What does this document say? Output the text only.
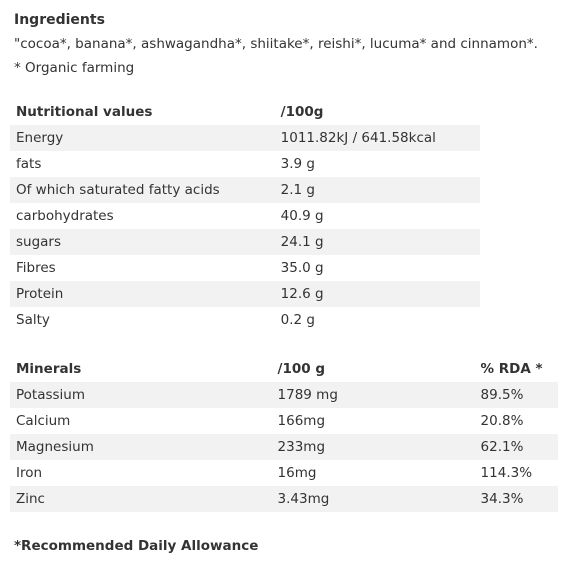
Ingredients
"cocoa*, banana*, ashwagandha*, shiitake*, reishi*, lucuma* and cinnamon*.
* Organic farming
Nutritional values	/100g
Energy	1011.82kJ / 641.58kcal
fats	3.9 g
Of which saturated fatty acids	2.1 g
carbohydrates	40.9 g
sugars	24.1 g
Fibres	35.0 g
Protein	12.6 g
Salty	0.2 g
Minerals	/100 g	% RDA *
Potassium	1789 mg	89.5%
Calcium	166mg	20.8%
Magnesium	233mg	62.1%
Iron	16mg	114.3%
Zinc	3.43mg	34.3%
*Recommended Daily Allowance
